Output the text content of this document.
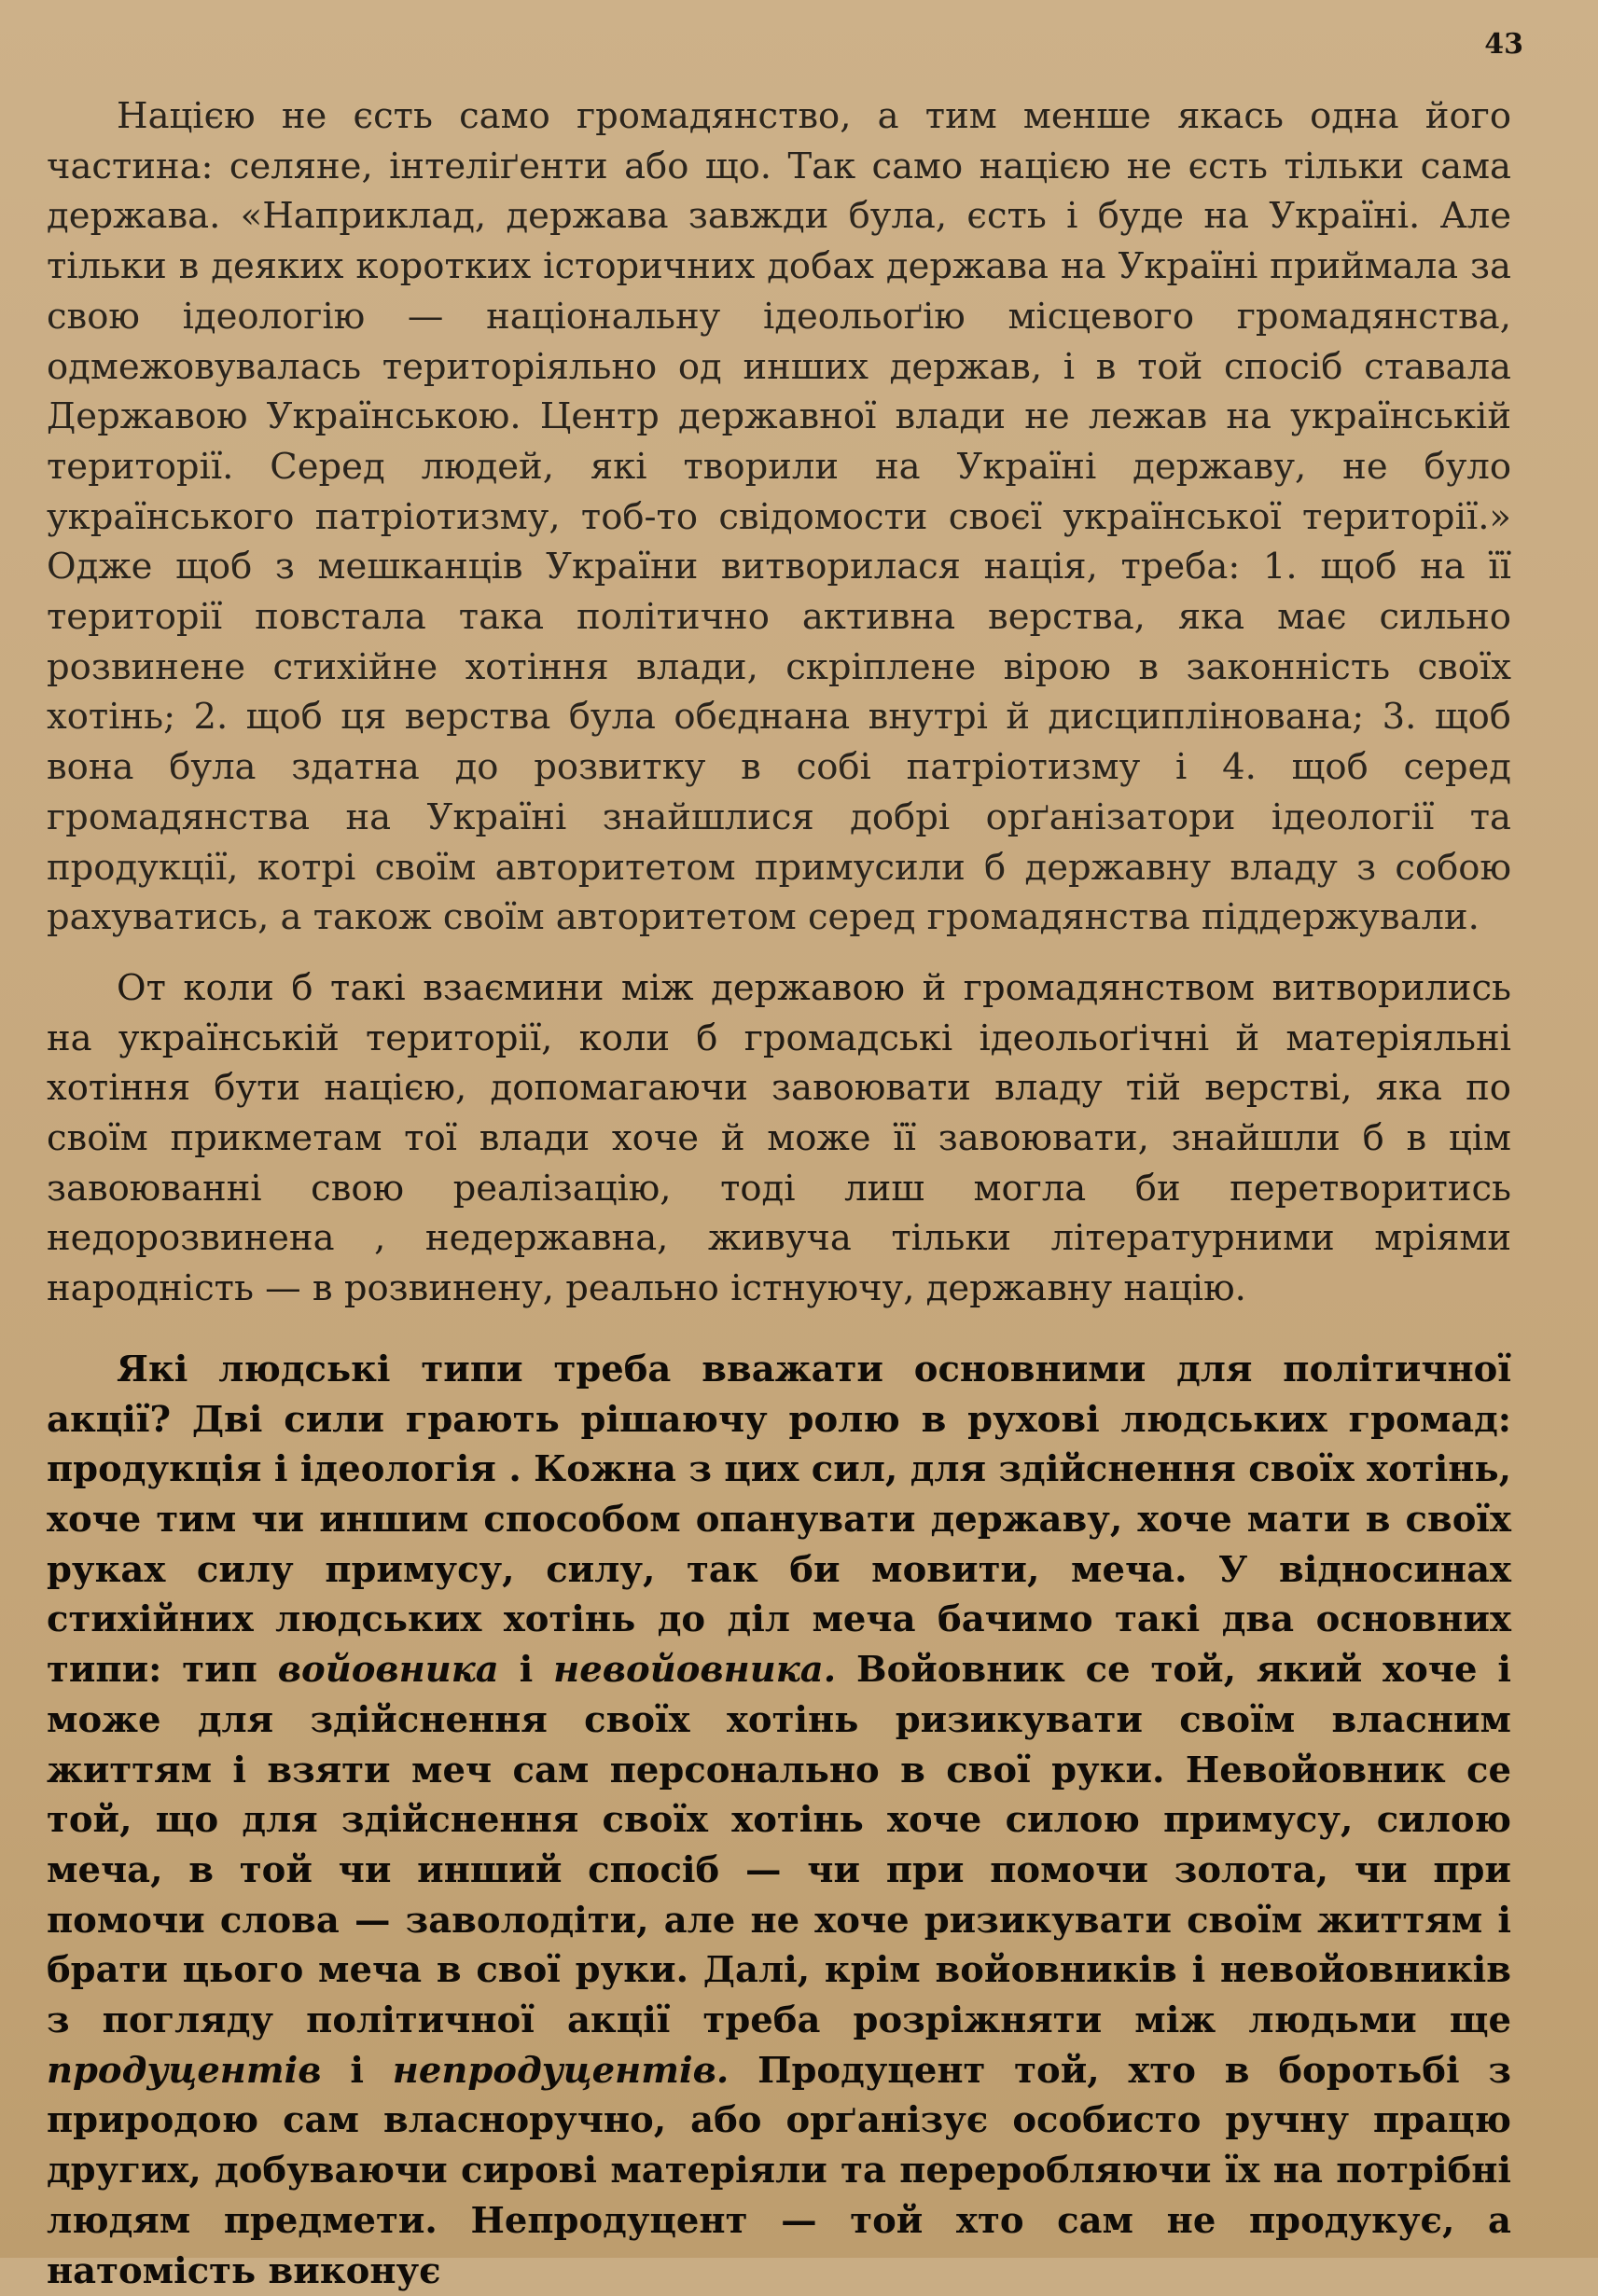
43

Нацією не єсть само громадянство, а тим менше якась одна його частина: селяне, інтеліґенти або що. Так само нацією не єсть тільки сама держава. «Наприклад, держава завжди була, єсть і буде на Україні. Але тільки в деяких коротких історичних добах держава на Україні приймала за свою ідеологію — національну ідеольоґію місцевого громадянства, одмежовувалась територіяльно од инших держав, і в той спосіб ставала Державою Українською. Центр державної влади не лежав на українській території. Серед людей, які творили на Україні державу, не було українського патріотизму, тоб-то свідомости своєї української території.» Одже щоб з мешканців України витворилася нація, треба: 1. щоб на її території повстала така політично активна верства, яка має сильно розвинене стихійне хотіння влади, скріплене вірою в законність своїх хотінь; 2. щоб ця верства була обєднана внутрі й дисциплінована; 3. щоб вона була здатна до розвитку в собі патріотизму і 4. щоб серед громадянства на Україні знайшлися добрі орґанізатори ідеології та продукції, котрі своїм авторитетом примусили б державну владу з собою рахуватись, а також своїм авторитетом серед громадянства піддержували.

От коли б такі взаємини між державою й громадянством витворились на українській території, коли б громадські ідеольоґічні й матеріяльні хотіння бути нацією, допомагаючи завоювати владу тій верстві, яка по своїм прикметам тої влади хоче й може її завоювати, знайшли б в цім завоюванні свою реалізацію, тоді лиш могла би перетворитись недорозвинена , недержавна, живуча тільки літературними мріями народність — в розвинену, реально істнуючу, державну націю.

Які людські типи треба вважати основними для політичної акції? Дві сили грають рішаючу ролю в рухові людських громад: продукція і ідеологія . Кожна з цих сил, для здійснення своїх хотінь, хоче тим чи иншим способом опанувати державу, хоче мати в своїх руках силу примусу, силу, так би мовити, меча. У відносинах стихійних людських хотінь до діл меча бачимо такі два основних типи: тип войовника і невойовника. Войовник се той, який хоче і може для здійснення своїх хотінь ризикувати своїм власним життям і взяти меч сам персонально в свої руки. Невойовник се той, що для здійснення своїх хотінь хоче силою примусу, силою меча, в той чи инший спосіб — чи при помочи золота, чи при помочи слова — заволодіти, але не хоче ризикувати своїм життям і брати цього меча в свої руки. Далі, крім войовників і невойовників з погляду політичної акції треба розріжняти між людьми ще продуцентів і непродуцентів. Продуцент той, хто в боротьбі з природою сам власноручно, або орґанізує особисто ручну працю других, добуваючи сирові матеріяли та переробляючи їх на потрібні людям предмети. Непродуцент — той хто сам не продукує, а натомість виконує
